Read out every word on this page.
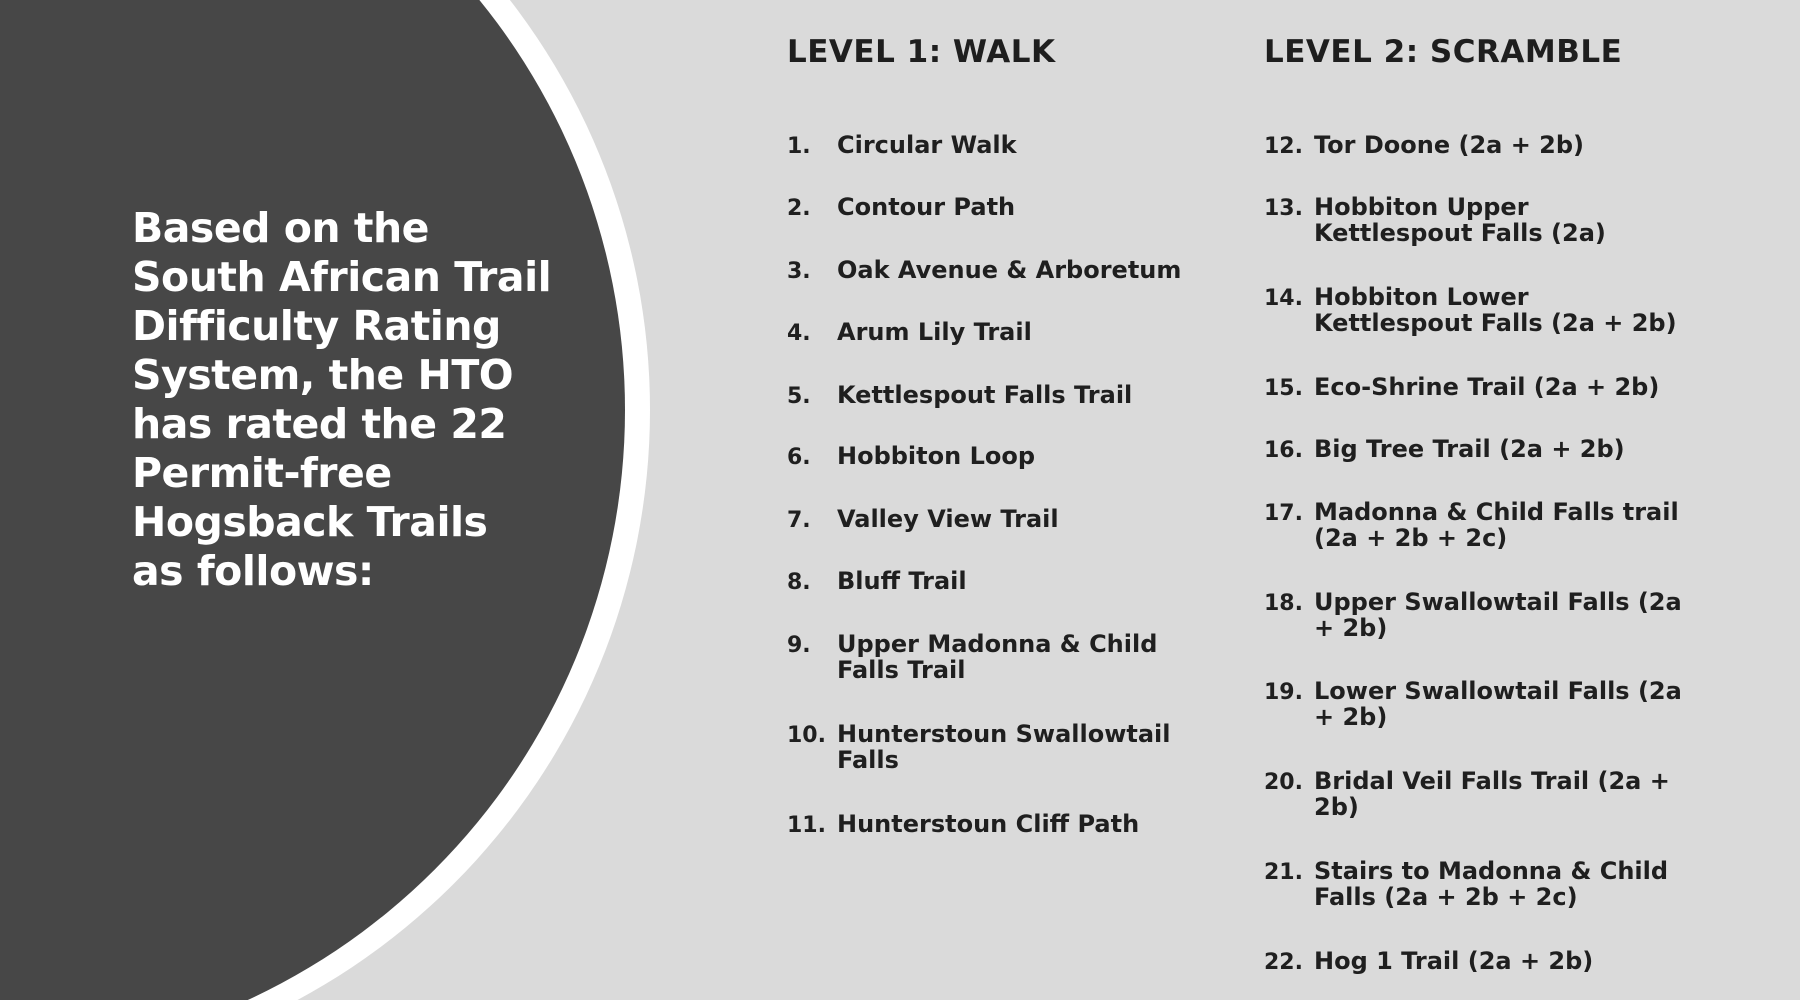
Based on the South African Trail Difficulty Rating System, the HTO has rated the 22 Permit-free Hogsback Trails as follows:
LEVEL 1: WALK
1.	Circular Walk
2.	Contour Path
3.	Oak Avenue & Arboretum
4.	Arum Lily Trail
5.	Kettlespout Falls Trail
6.	Hobbiton Loop
7.	Valley View Trail
8.	Bluff Trail
9.	Upper Madonna & Child Falls Trail
10. Hunterstoun Swallowtail Falls
11. Hunterstoun Cliff Path
LEVEL 2: SCRAMBLE
12. Tor Doone (2a + 2b)
13. Hobbiton Upper Kettlespout Falls (2a)
14. Hobbiton Lower Kettlespout Falls (2a + 2b)
15. Eco-Shrine Trail (2a + 2b)
16. Big Tree Trail (2a + 2b)
17. Madonna & Child Falls trail (2a + 2b + 2c)
18. Upper Swallowtail Falls (2a + 2b)
19. Lower Swallowtail Falls (2a + 2b)
20. Bridal Veil Falls Trail (2a + 2b)
21. Stairs to Madonna & Child Falls (2a + 2b + 2c)
22. Hog 1 Trail (2a + 2b)
